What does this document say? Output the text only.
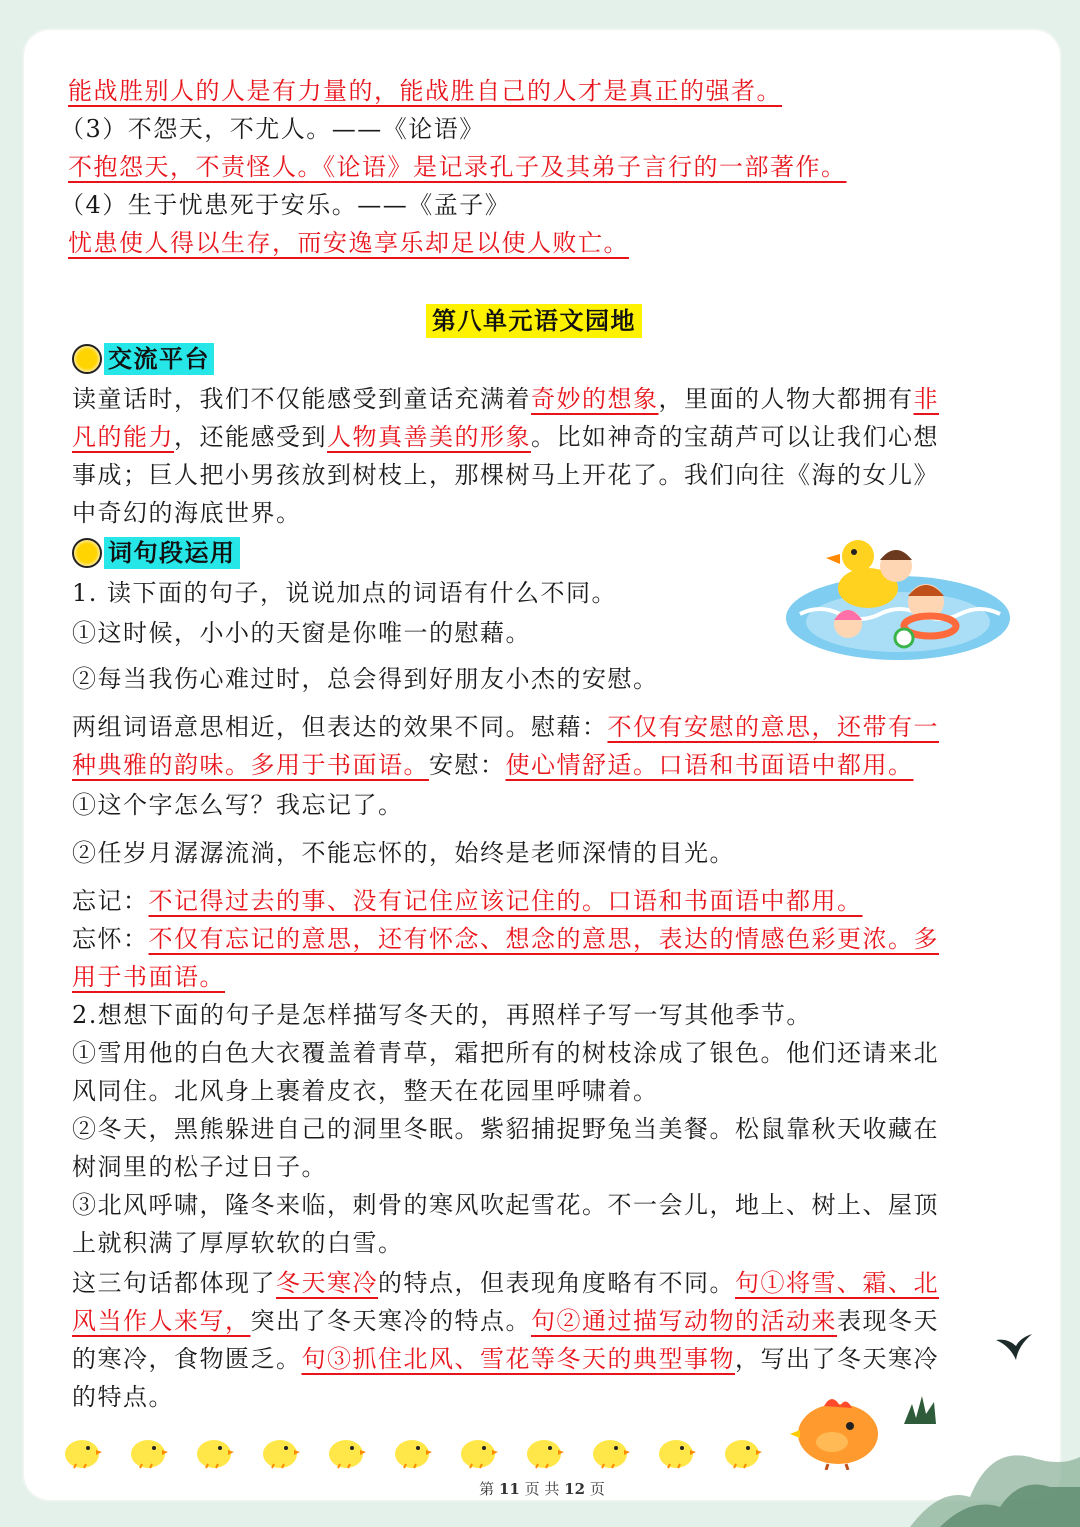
能战胜别人的人是有力量的，能战胜自己的人才是真正的强者。
（3）不怨天，不尤人。——《论语》
不抱怨天，不责怪人。《论语》是记录孔子及其弟子言行的一部著作。
（4）生于忧患死于安乐。——《孟子》
忧患使人得以生存，而安逸享乐却足以使人败亡。
第八单元语文园地
交流平台
读童话时，我们不仅能感受到童话充满着奇妙的想象，里面的人物大都拥有非
凡的能力，还能感受到人物真善美的形象。比如神奇的宝葫芦可以让我们心想
事成；巨人把小男孩放到树枝上，那棵树马上开花了。我们向往《海的女儿》
中奇幻的海底世界。
词句段运用
1. 读下面的句子，说说加点的词语有什么不同。
①这时候，小小的天窗是你唯一的慰藉。
②每当我伤心难过时，总会得到好朋友小杰的安慰。
两组词语意思相近，但表达的效果不同。慰藉：不仅有安慰的意思，还带有一
种典雅的韵味。多用于书面语。安慰：使心情舒适。口语和书面语中都用。
①这个字怎么写？我忘记了。
②任岁月潺潺流淌，不能忘怀的，始终是老师深情的目光。
忘记：不记得过去的事、没有记住应该记住的。口语和书面语中都用。
忘怀：不仅有忘记的意思，还有怀念、想念的意思，表达的情感色彩更浓。多
用于书面语。
2.想想下面的句子是怎样描写冬天的，再照样子写一写其他季节。
①雪用他的白色大衣覆盖着青草，霜把所有的树枝涂成了银色。他们还请来北
风同住。北风身上裹着皮衣，整天在花园里呼啸着。
②冬天，黑熊躲进自己的洞里冬眠。紫貂捕捉野兔当美餐。松鼠靠秋天收藏在
树洞里的松子过日子。
③北风呼啸，隆冬来临，刺骨的寒风吹起雪花。不一会儿，地上、树上、屋顶
上就积满了厚厚软软的白雪。
这三句话都体现了冬天寒冷的特点，但表现角度略有不同。句①将雪、霜、北
风当作人来写，突出了冬天寒冷的特点。句②通过描写动物的活动来表现冬天
的寒冷，食物匮乏。句③抓住北风、雪花等冬天的典型事物，写出了冬天寒冷
的特点。
第 11 页 共 12 页
